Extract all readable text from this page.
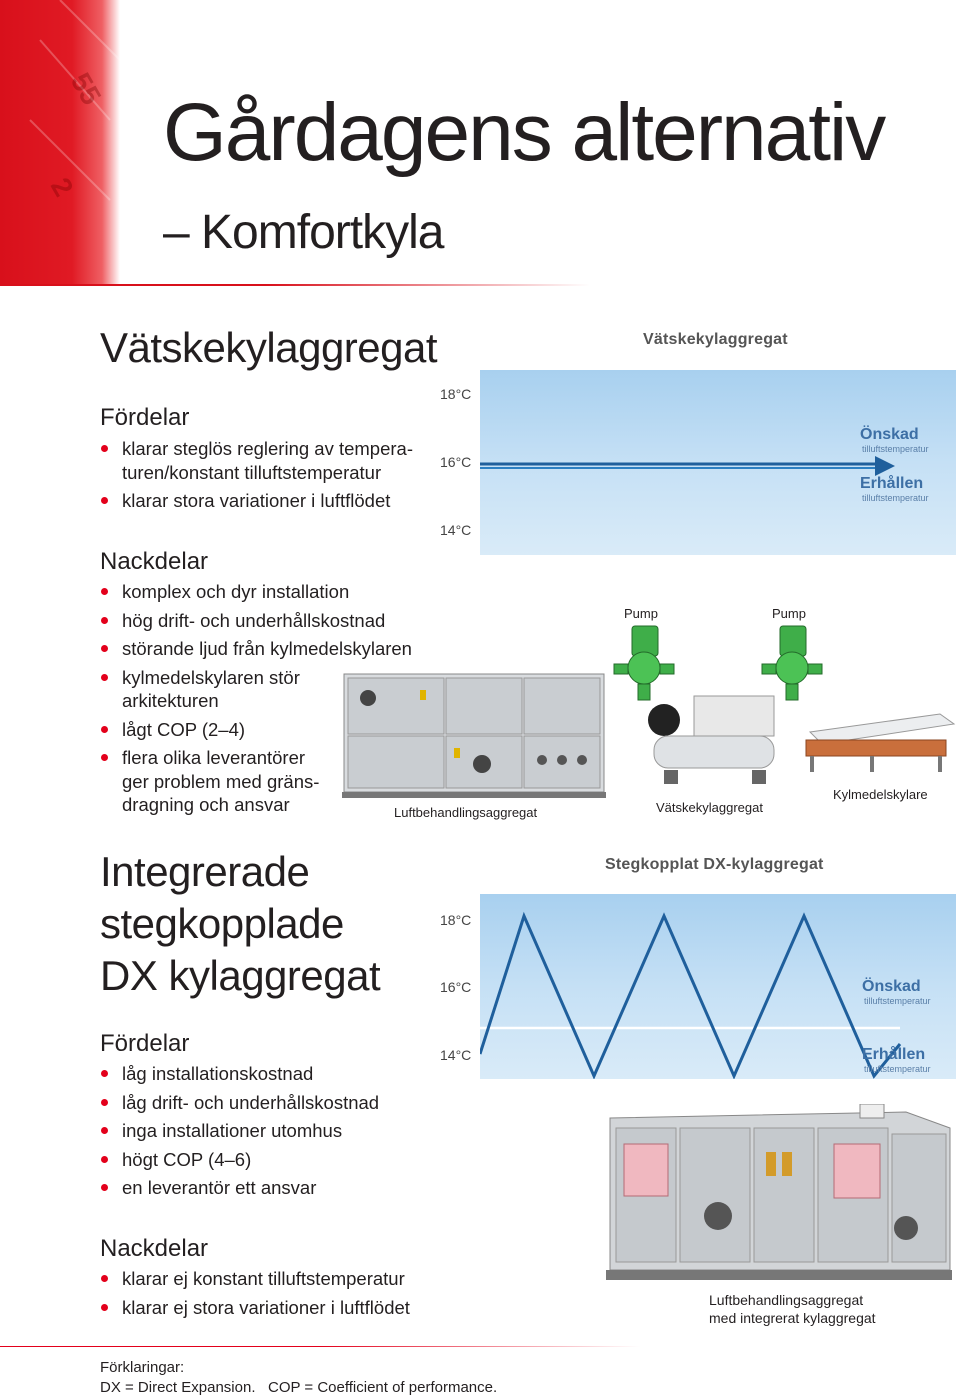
55
2
Gårdagens alternativ
– Komfortkyla
Vätskekylaggregat
Fördelar
klarar steglös reglering av tempera-turen/konstant tilluftstemperatur
klarar stora variationer i luftflödet
Nackdelar
komplex och dyr installation
hög drift- och underhållskostnad
störande ljud från kylmedelskylaren
kylmedelskylaren stör arkitekturen
lågt COP (2–4)
flera olika leverantörer ger problem med gräns-dragning och ansvar
Vätskekylaggregat
18°C
16°C
14°C
Önskad
tilluftstemperatur
Erhållen
tilluftstemperatur
Pump	Pump
Luftbehandlingsaggregat	Vätskekylaggregat
Kylmedelskylare
Integrerade
stegkopplade
DX kylaggregat
Fördelar
låg installationskostnad
låg drift- och underhållskostnad
inga installationer utomhus
högt COP (4–6)
en leverantör ett ansvar
Nackdelar
klarar ej konstant tilluftstemperatur
klarar ej stora variationer i luftflödet
Stegkopplat DX-kylaggregat
18°C
16°C
14°C
Önskad
tilluftstemperatur
Erhållen
tilluftstemperatur
Luftbehandlingsaggregat
med integrerat kylaggregat
Förklaringar:
DX = Direct Expansion.   COP = Coefficient of performance.
